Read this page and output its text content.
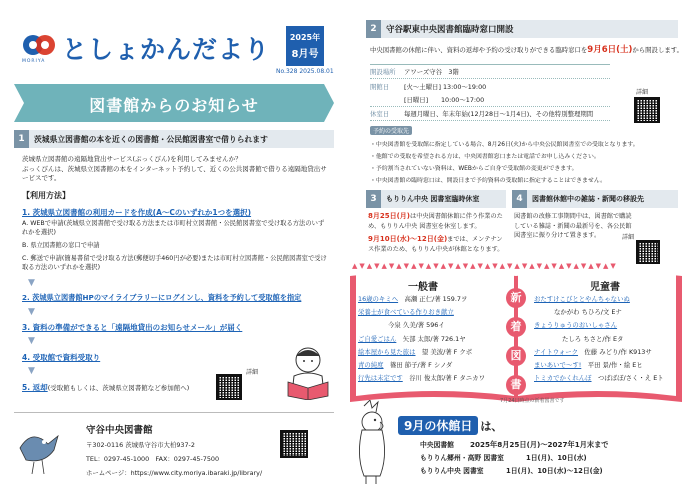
MORIYA としょかんだより	2025年
8月号
No.328 2025.08.01
図書館からのお知らせ
1	茨城県立図書館の本を近くの図書館・公民館図書室で借りられます
茨城県立図書館の遠隔地貸出サービス(ぶっくびん)を利用してみませんか？
ぶっくびんは、茨城県立図書館の本をインターネット予約して、近くの公共図書館で借りる遠隔地貸出サービスです。
【利用方法】
1. 茨城県立図書館の利用カードを作成(A〜Cのいずれか1つを選択)
A. WEBで申請(茨城県立図書館で受け取る方法または市町村立図書館・公民館図書室で受け取る方法のいずれかを選択)
B. 県立図書館の窓口で申請
C. 郵送で申請(簡易書留で受け取る方法(郵便切手460円が必要)または市町村立図書館・公民館図書室で受け取る方法のいずれかを選択)
▼
2. 茨城県立図書館HPのマイライブラリーにログインし、資料を予約して受取館を指定
▼
3. 資料の準備ができると「遠隔地貸出のお知らせメール」が届く
▼
4. 受取館で資料受取り
▼
5. 返却(受取館もしくは、茨城県立図書館など参加館へ)
詳細
2	守谷駅東中央図書館臨時窓口開設
中央図書館の休館に伴い、資料の返却や予約の受け取りができる臨時窓口を9月6日(土)から開設します。
開設場所	アワーズ守谷　3階
開館日	[火〜土曜日] 13:00〜19:00
[日曜日]　　10:00〜17:00
休室日	毎週月曜日、年末年始(12月28日〜1月4日)、その他特別整理期間
詳細
予約の受取先
・中央図書館を受取館に指定している場合、8月26日(火)から中央公民館図書室での受取となります。
・他館での受取を希望される方は、中央図書館窓口または電話でお申し込みください。
・予約割当されていない資料は、WEBからご自身で受取館の変更ができます。
・中央図書館の臨時窓口は、開設日まで予約資料の受取館に指定することはできません。
3	もりりん中央 図書室臨時休室
8月25日(月)は中央図書館休館に伴う作業のため、もりりん中央 図書室を休室します。
9月10日(水)〜12日(金)までは、メンテナンス作業のため、もりりん中央が休館となります。
4	図書館休館中の雑誌・新聞の移設先
図書館の改修工事期間中は、図書館で購読している雑誌・新聞の最新号を、各公民館図書室に振り分けて置きます。	詳細
▲▼▲▼▲▼▲▼▲▼▲▼▲▼▲▼▲▼▲▼▲▼▲▼▲▼▲▼▲▼▲▼▲▼▲▼
一般書	児童書
16歳のキミへ　 高瀬 正仁/著 159.7ヲ
栄養士が食べている作りおき献立
今泉 久美/著 596イ
ご自愛ごはん　 矢部 太郎/著 726.1ヤ
絵本屋から見た旅は　 望 美波/著 F クボ
青の純度　 篠田 節子/著 F シノダ
行先は未定です　 谷川 俊太郎/著 F タニカワ
新
着
図
書
おたすけこびととやんちゃないぬ
なかがわ ちひろ/文 Eナ
きょうりゅうのおいしゃさん
たしろ ちさと/作 Eタ
ナイトウォーク　 佐藤 みどり/作 K913サ
まいあいで〜す!　 平田 景/作・絵 Eヒ
トミカでかくれんぼ　 つばばぼ/さく・え Eト
7月24日時点の新着図書です
守谷中央図書館
〒302-0116 茨城県守谷市大柏937-2
TEL：0297-45-1000　FAX：0297-45-7500
ホームページ：https://www.city.moriya.ibaraki.jp/library/
9月の休館日 は、
中央図書館 2025年8月25日(月)〜2027年1月末まで
もりりん郷州・高野 図書室	1日(月)、10日(水)
もりりん中央 図書室	1日(月)、10日(水)〜12日(金)
